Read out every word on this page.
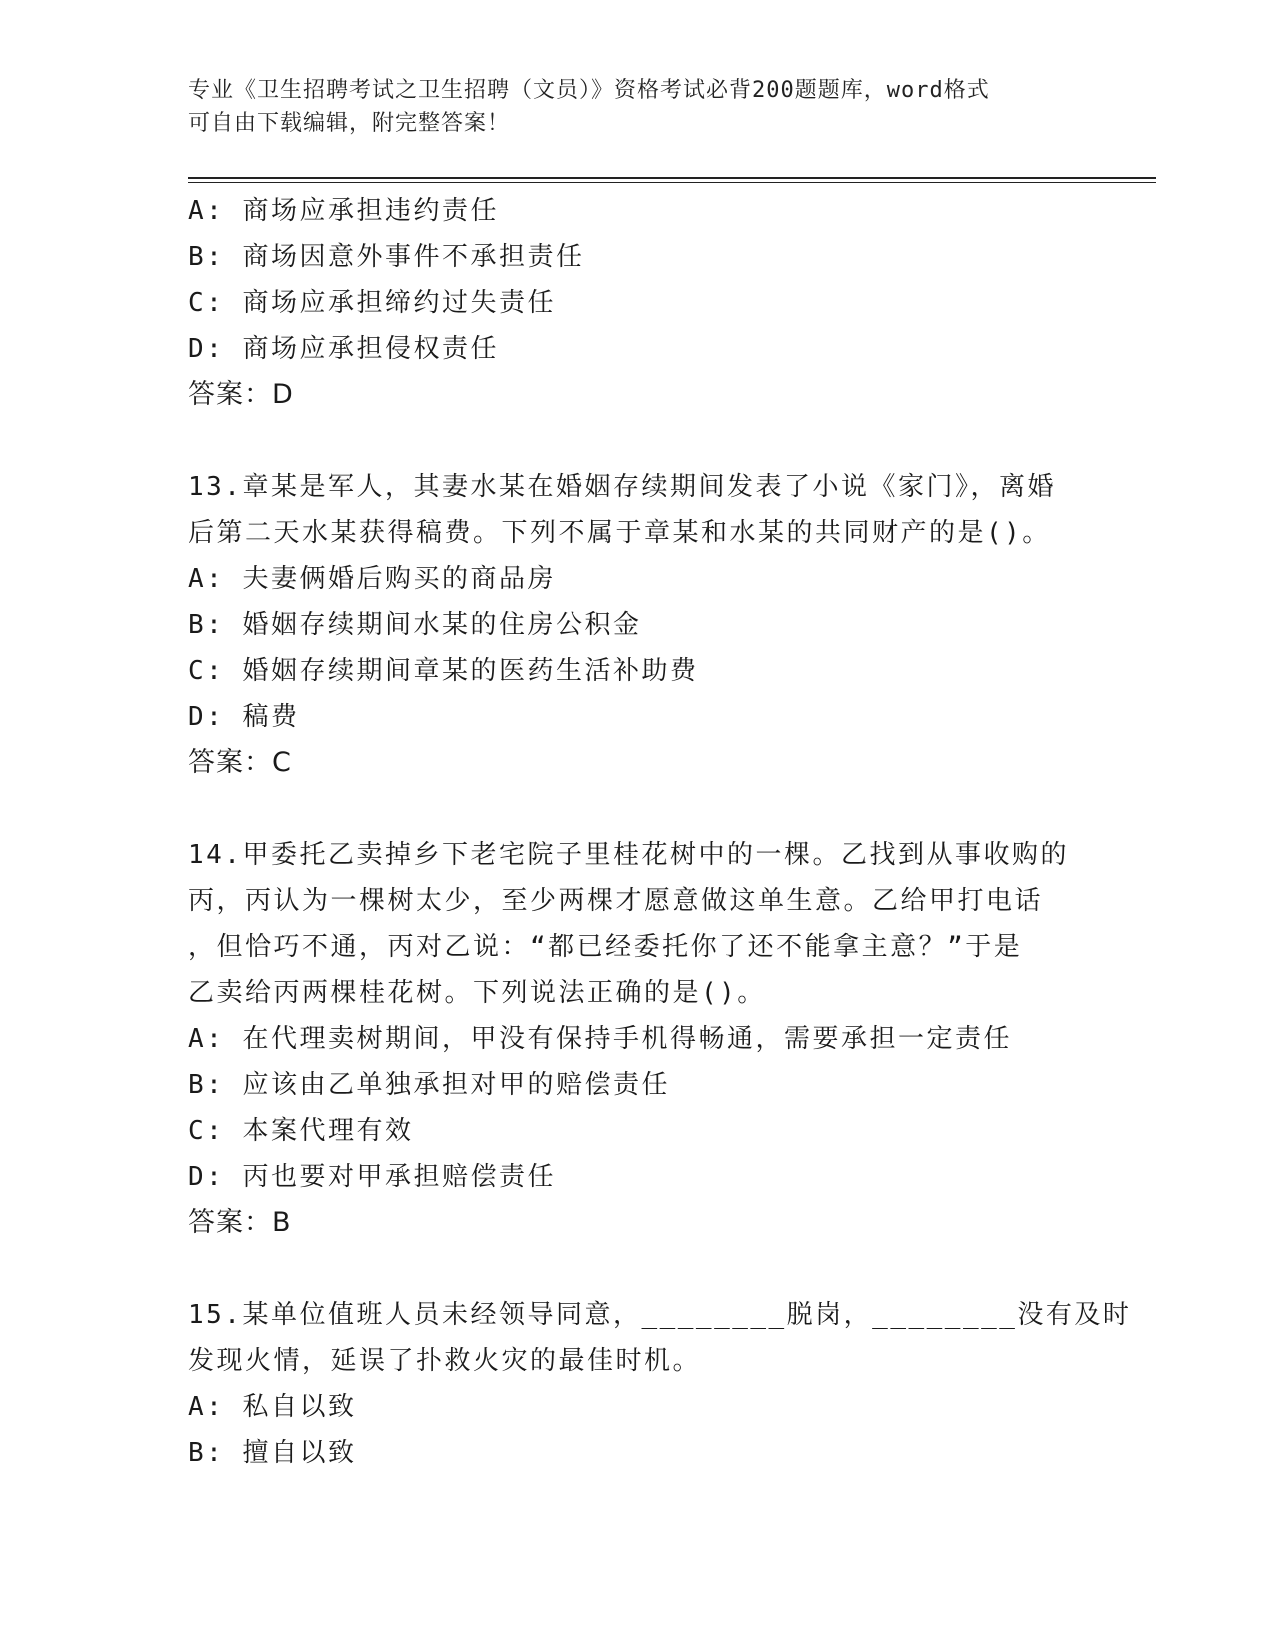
专业《卫生招聘考试之卫生招聘（文员）》资格考试必背200题题库，word格式
可自由下载编辑，附完整答案！
A: 商场应承担违约责任
B: 商场因意外事件不承担责任
C: 商场应承担缔约过失责任
D: 商场应承担侵权责任
答案：D
13.章某是军人，其妻水某在婚姻存续期间发表了小说《家门》，离婚
后第二天水某获得稿费。下列不属于章某和水某的共同财产的是()。
A: 夫妻俩婚后购买的商品房
B: 婚姻存续期间水某的住房公积金
C: 婚姻存续期间章某的医药生活补助费
D: 稿费
答案：C
14.甲委托乙卖掉乡下老宅院子里桂花树中的一棵。乙找到从事收购的
丙，丙认为一棵树太少，至少两棵才愿意做这单生意。乙给甲打电话
，但恰巧不通，丙对乙说：“都已经委托你了还不能拿主意？”于是
乙卖给丙两棵桂花树。下列说法正确的是()。
A: 在代理卖树期间，甲没有保持手机得畅通，需要承担一定责任
B: 应该由乙单独承担对甲的赔偿责任
C: 本案代理有效
D: 丙也要对甲承担赔偿责任
答案：B
15.某单位值班人员未经领导同意，________脱岗，________没有及时
发现火情，延误了扑救火灾的最佳时机。
A: 私自以致
B: 擅自以致
